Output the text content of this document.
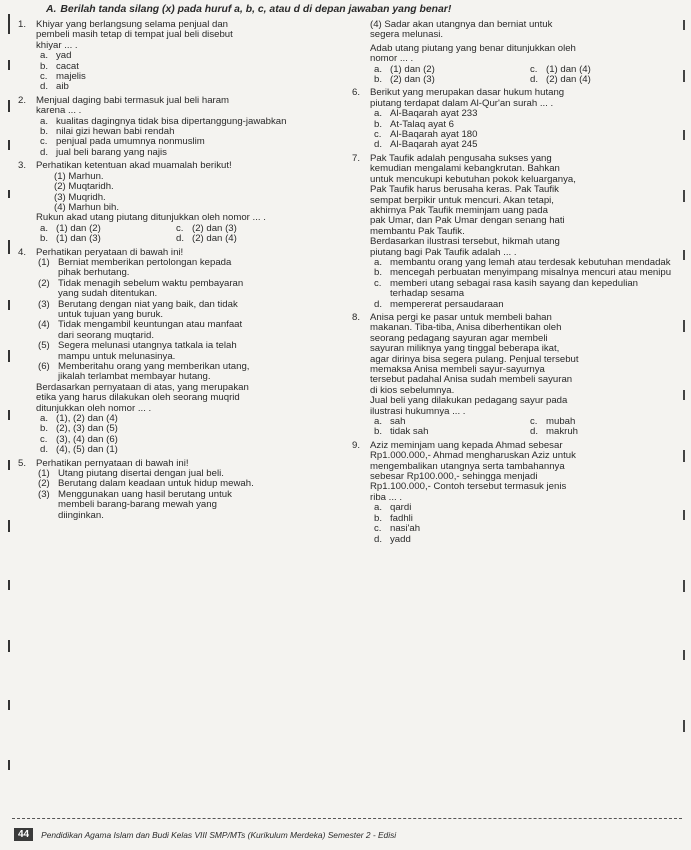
A. Berilah tanda silang (x) pada huruf a, b, c, atau d di depan jawaban yang benar!
1. Khiyar yang berlangsung selama penjual dan

pembeli masih tetap di tempat jual beli disebut

khiyar ... .

a. yad
b. cacat
c. majelis
d. aib
2. Menjual daging babi termasuk jual beli haram

karena ... .

a. kualitas dagingnya tidak bisa dipertanggung-jawabkan
b. nilai gizi hewan babi rendah
c. penjual pada umumnya nonmuslim
d. jual beli barang yang najis
3. Perhatikan ketentuan akad muamalah berikut!

(1) Marhun.

(2) Muqtaridh.

(3) Muqridh.

(4) Marhun bih.

Rukun akad utang piutang ditunjukkan oleh nomor ... .

a. (1) dan (2)	c. (2) dan (3)
b. (1) dan (3)	d. (2) dan (4)
4. Perhatikan peryataan di bawah ini!

(1) Berniat memberikan pertolongan kepada

pihak berhutang.

(2) Tidak menagih sebelum waktu pembayaran

yang sudah ditentukan.

(3) Berutang dengan niat yang baik, dan tidak

untuk tujuan yang buruk.

(4) Tidak mengambil keuntungan atau manfaat

dari seorang muqtarid.

(5) Segera melunasi utangnya tatkala ia telah

mampu untuk melunasinya.

(6) Memberitahu orang yang memberikan utang,

jikalah terlambat membayar hutang.

Berdasarkan pernyataan di atas, yang merupakan

etika yang harus dilakukan oleh seorang muqrid

ditunjukkan oleh nomor ... .

a. (1), (2) dan (4)
b. (2), (3) dan (5)
c. (3), (4) dan (6)
d. (4), (5) dan (1)
5. Perhatikan pernyataan di bawah ini!

(1) Utang piutang disertai dengan jual beli.

(2) Berutang dalam keadaan untuk hidup mewah.

(3) Menggunakan uang hasil berutang untuk

membeli barang-barang mewah yang

diinginkan.

(4) Sadar akan utangnya dan berniat untuk

segera melunasi.

Adab utang piutang yang benar ditunjukkan oleh

nomor ... .

a. (1) dan (2)	c. (1) dan (4)
b. (2) dan (3)	d. (2) dan (4)
6. Berikut yang merupakan dasar hukum hutang

piutang terdapat dalam Al-Qur'an surah ... .

a. Al-Baqarah ayat 233
b. At-Talaq ayat 6
c. Al-Baqarah ayat 180
d. Al-Baqarah ayat 245
7. Pak Taufik adalah pengusaha sukses yang

kemudian mengalami kebangkrutan. Bahkan

untuk mencukupi kebutuhan pokok keluarganya,

Pak Taufik harus berusaha keras. Pak Taufik

sempat berpikir untuk mencuri. Akan tetapi,

akhirnya Pak Taufik meminjam uang pada

pak Umar, dan Pak Umar dengan senang hati

membantu Pak Taufik.

Berdasarkan ilustrasi tersebut, hikmah utang

piutang bagi Pak Taufik adalah ... .

a. membantu orang yang lemah atau terdesak kebutuhan mendadak
b. mencegah perbuatan menyimpang misalnya mencuri atau menipu
c. memberi utang sebagai rasa kasih sayang dan kepedulian terhadap sesama
d. mempererat persaudaraan
8. Anisa pergi ke pasar untuk membeli bahan

makanan. Tiba-tiba, Anisa diberhentikan oleh

seorang pedagang sayuran agar membeli

sayuran miliknya yang tinggal beberapa ikat,

agar dirinya bisa segera pulang. Penjual tersebut

memaksa Anisa membeli sayur-sayurnya

tersebut padahal Anisa sudah membeli sayuran

di kios sebelumnya.

Jual beli yang dilakukan pedagang sayur pada

ilustrasi hukumnya ... .

a. sah	c. mubah
b. tidak sah	d. makruh
9. Aziz meminjam uang kepada Ahmad sebesar

Rp1.000.000,- Ahmad mengharuskan Aziz untuk

mengembalikan utangnya serta tambahannya

sebesar Rp100.000,- sehingga menjadi

Rp1.100.000,- Contoh tersebut termasuk jenis

riba ... .

a. qardi
b. fadhli
c. nasi'ah
d. yadd
44	Pendidikan Agama Islam dan Budi Kelas VIII SMP/MTs (Kurikulum Merdeka) Semester 2 - Edisi
